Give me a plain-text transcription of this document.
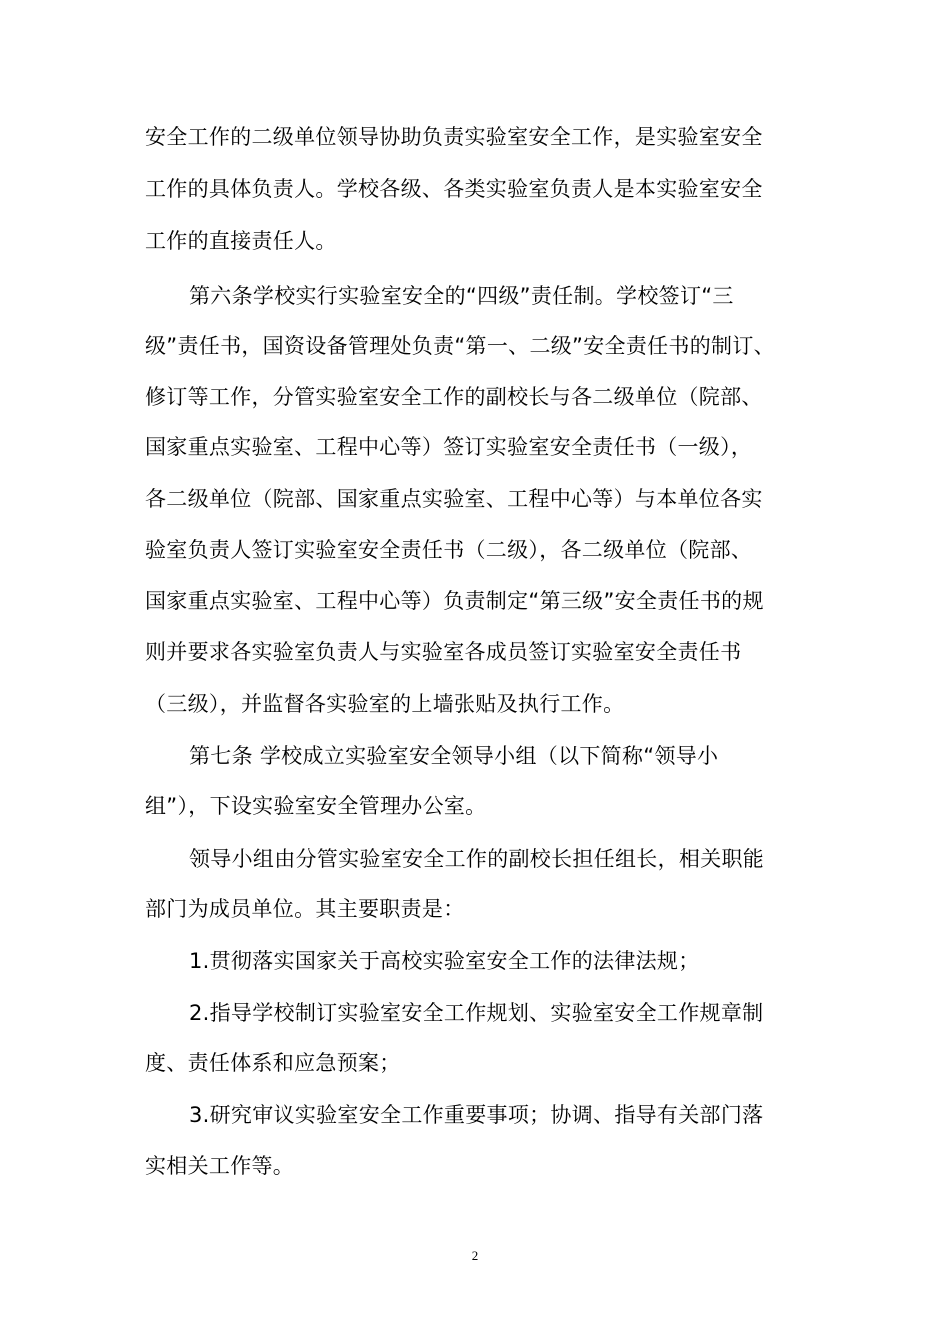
安全工作的二级单位领导协助负责实验室安全工作，是实验室安全
工作的具体负责人。学校各级、各类实验室负责人是本实验室安全
工作的直接责任人。
第六条学校实行实验室安全的“四级”责任制。学校签订“三
级”责任书，国资设备管理处负责“第一、二级”安全责任书的制订、
修订等工作，分管实验室安全工作的副校长与各二级单位（院部、
国家重点实验室、工程中心等）签订实验室安全责任书（一级），
各二级单位（院部、国家重点实验室、工程中心等）与本单位各实
验室负责人签订实验室安全责任书（二级），各二级单位（院部、
国家重点实验室、工程中心等）负责制定“第三级”安全责任书的规
则并要求各实验室负责人与实验室各成员签订实验室安全责任书
（三级），并监督各实验室的上墙张贴及执行工作。
第七条 学校成立实验室安全领导小组（以下简称“领导小
组”），下设实验室安全管理办公室。
领导小组由分管实验室安全工作的副校长担任组长，相关职能
部门为成员单位。其主要职责是：
1.贯彻落实国家关于高校实验室安全工作的法律法规；
2.指导学校制订实验室安全工作规划、实验室安全工作规章制
度、责任体系和应急预案；
3.研究审议实验室安全工作重要事项；协调、指导有关部门落
实相关工作等。
2
